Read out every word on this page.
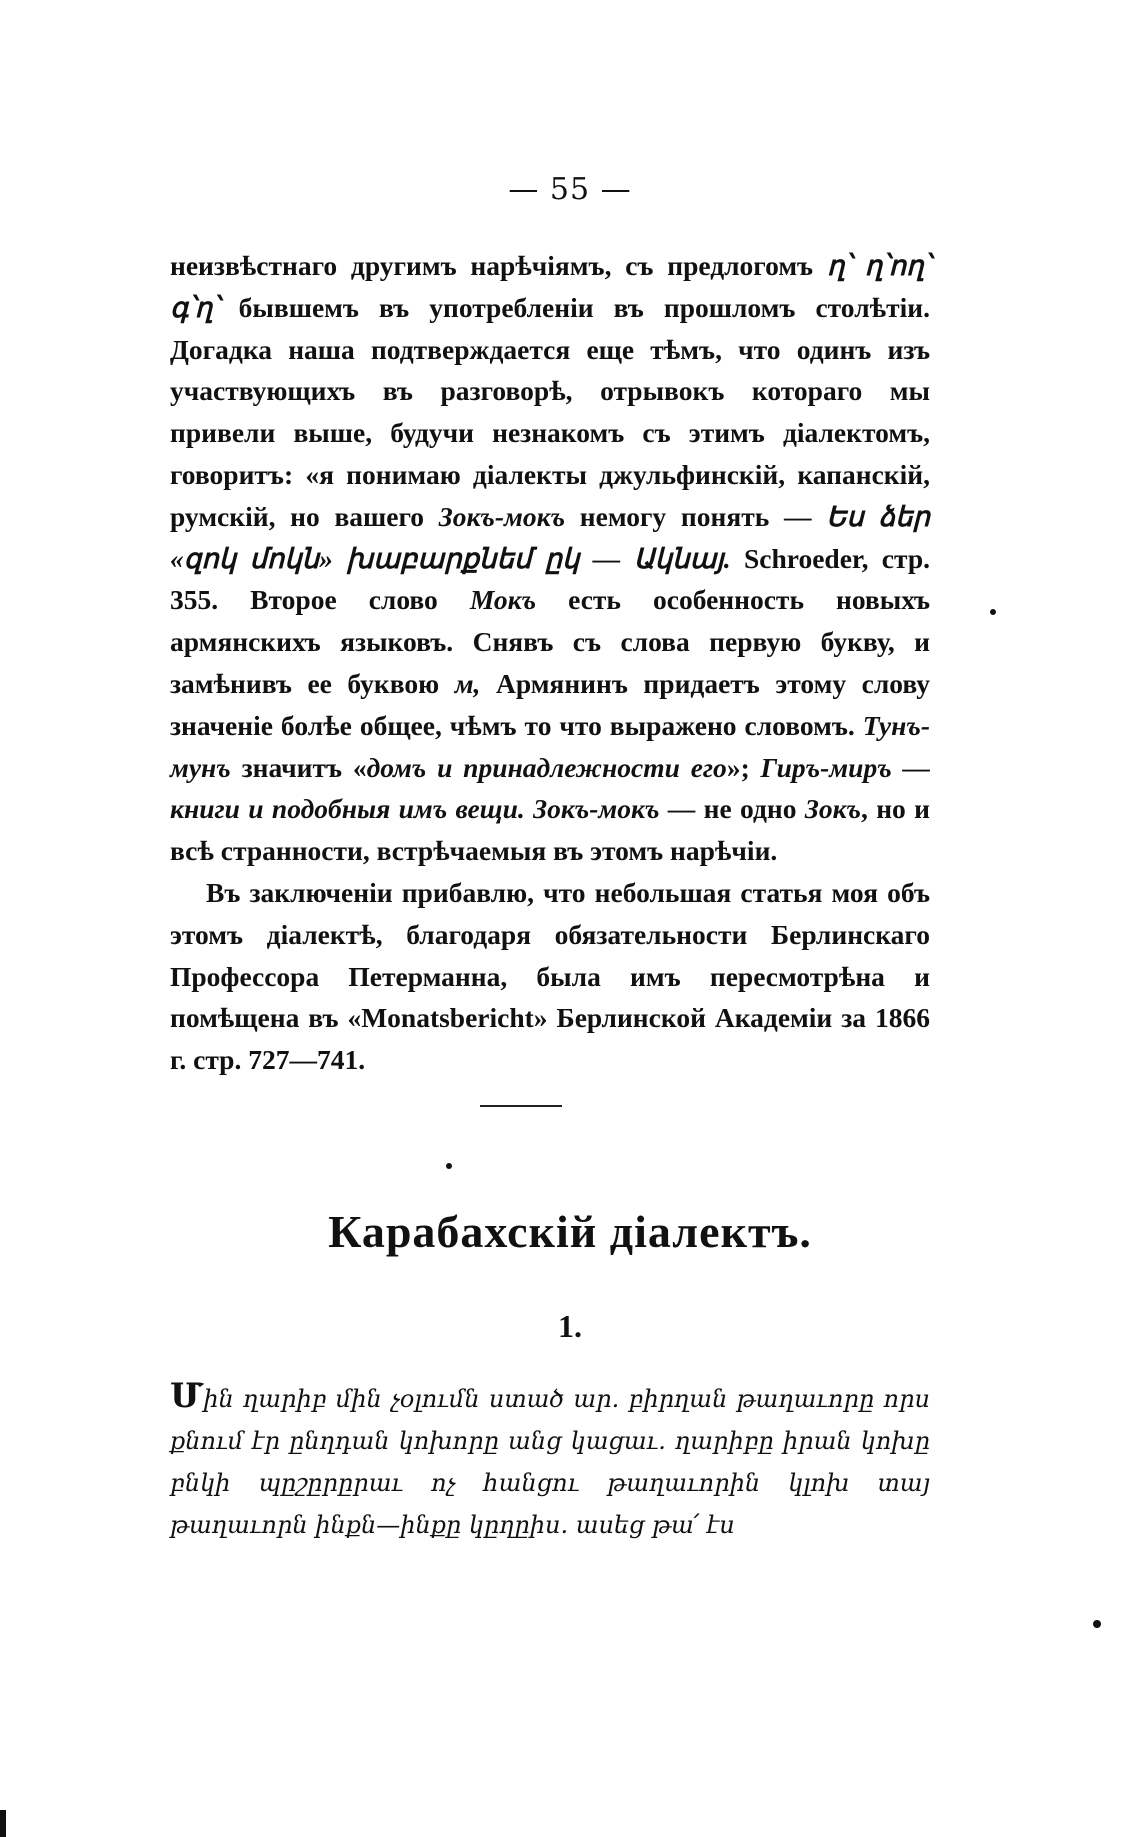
— 55 —

неизвѣстнаго другимъ нарѣчіямъ, съ предлогомъ ղ՝ ղ՝ող՝ գ՝ղ՝ бывшемъ въ употребленіи въ прошломъ столѣтіи. Догадка наша подтверждается еще тѣмъ, что одинъ изъ участвующихъ въ разговорѣ, отрывокъ котораго мы привели выше, будучи незнакомъ съ этимъ діалектомъ, говоритъ: «я понимаю діалекты джульфинскій, капанскій, румскій, но вашего Зокъ-мокъ немогу понять — Ես ձեր «զոկ մոկն» խաբարքնեմ ըկ — Ակնայ. Schroeder, стр. 355. Второе слово Мокъ есть особенность новыхъ армянскихъ языковъ. Снявъ съ слова первую букву, и замѣнивъ ее буквою м, Армянинъ придаетъ этому слову значеніе болѣе общее, чѣмъ то что выражено словомъ. Тунъ-мунъ значитъ «домъ и принадлежности его»; Гиръ-миръ — книги и подобныя имъ вещи. Зокъ-мокъ — не одно Зокъ, но и всѣ странности, встрѣчаемыя въ этомъ нарѣчіи.

Въ заключеніи прибавлю, что небольшая статья моя объ этомъ діалектѣ, благодаря обязательности Берлинскаго Профессора Петерманна, была имъ пересмотрѣна и помѣщена въ «Monatsbericht» Берлинской Академіи за 1866 г. стр. 727—741.

Карабахскій діалектъ.
1.

Մին ղարիբ մին չօլումն ստած ար. բիրղան թաղաւորը որս քնում էր ընղդան կոխորը անց կացաւ. ղարիբը իրան կոխը բնկի պըշըրըրաւ ոչ հանցու թաղաւորին կլոխ տայ թաղաւորն ինքն—ինքը կըղըիս. ասեց թա՛ էս
